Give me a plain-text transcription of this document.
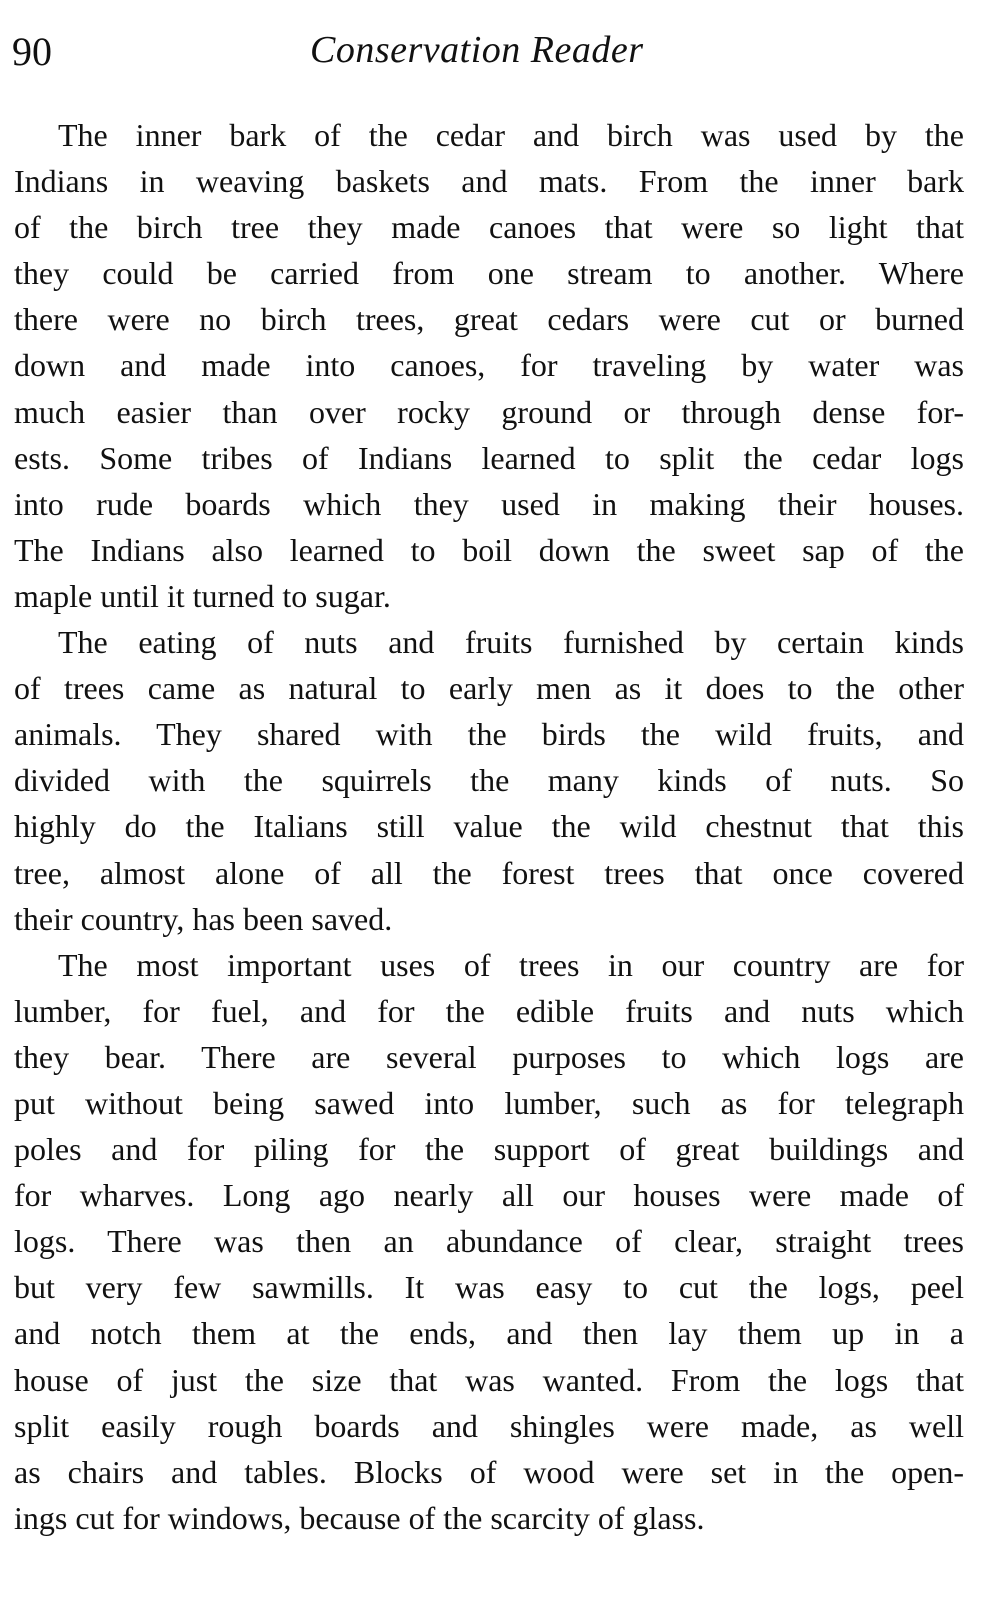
90	Conservation Reader
The inner bark of the cedar and birch was used by the
Indians in weaving baskets and mats. From the inner bark
of the birch tree they made canoes that were so light that
they could be carried from one stream to another. Where
there were no birch trees, great cedars were cut or burned
down and made into canoes, for traveling by water was
much easier than over rocky ground or through dense for-
ests. Some tribes of Indians learned to split the cedar logs
into rude boards which they used in making their houses.
The Indians also learned to boil down the sweet sap of the
maple until it turned to sugar.
The eating of nuts and fruits furnished by certain kinds
of trees came as natural to early men as it does to the other
animals. They shared with the birds the wild fruits, and
divided with the squirrels the many kinds of nuts. So
highly do the Italians still value the wild chestnut that this
tree, almost alone of all the forest trees that once covered
their country, has been saved.
The most important uses of trees in our country are for
lumber, for fuel, and for the edible fruits and nuts which
they bear. There are several purposes to which logs are
put without being sawed into lumber, such as for telegraph
poles and for piling for the support of great buildings and
for wharves. Long ago nearly all our houses were made of
logs. There was then an abundance of clear, straight trees
but very few sawmills. It was easy to cut the logs, peel
and notch them at the ends, and then lay them up in a
house of just the size that was wanted. From the logs that
split easily rough boards and shingles were made, as well
as chairs and tables. Blocks of wood were set in the open-
ings cut for windows, because of the scarcity of glass.
